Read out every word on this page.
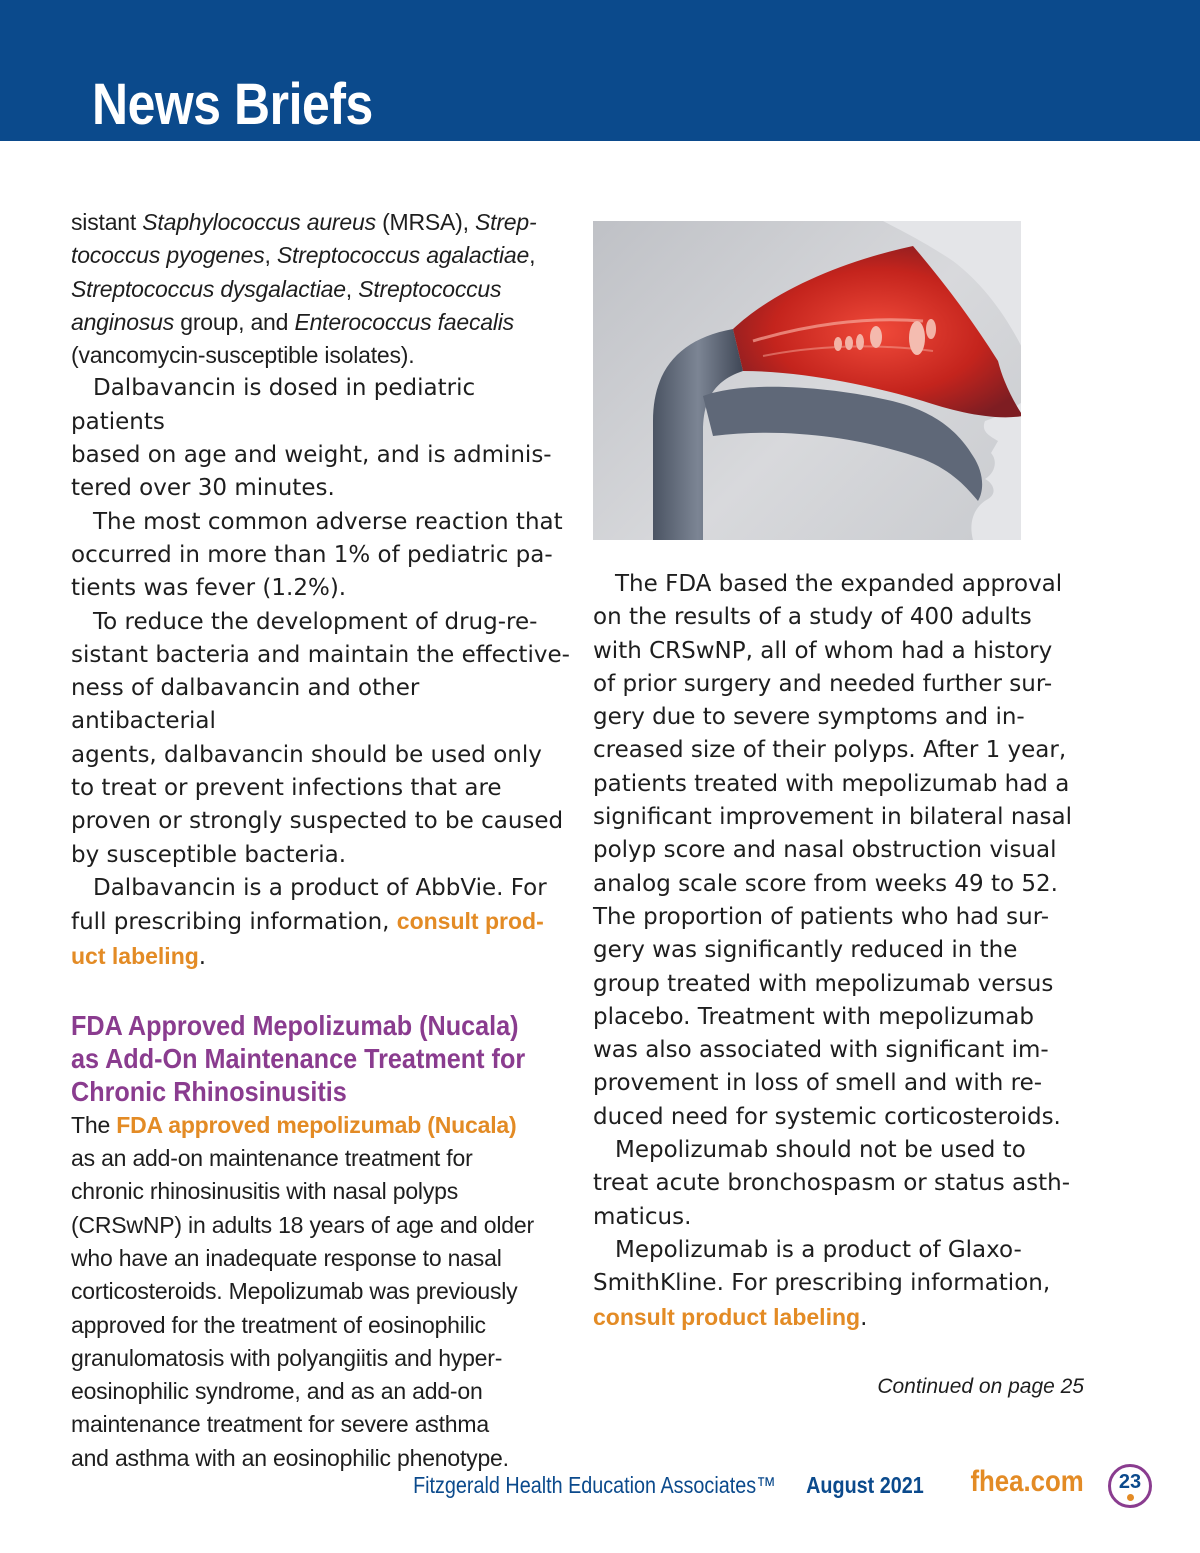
News Briefs

sistant Staphylococcus aureus (MRSA), Strep-
tococcus pyogenes, Streptococcus agalactiae,
Streptococcus dysgalactiae, Streptococcus
anginosus group, and Enterococcus faecalis
(vancomycin-susceptible isolates).

Dalbavancin is dosed in pediatric patients
based on age and weight, and is adminis-
tered over 30 minutes.

The most common adverse reaction that
occurred in more than 1% of pediatric pa-
tients was fever (1.2%).

To reduce the development of drug-re-
sistant bacteria and maintain the effective-
ness of dalbavancin and other antibacterial
agents, dalbavancin should be used only
to treat or prevent infections that are
proven or strongly suspected to be caused
by susceptible bacteria.

Dalbavancin is a product of AbbVie. For
full prescribing information, consult prod-
uct labeling.

FDA Approved Mepolizumab (Nucala)
as Add-On Maintenance Treatment for
Chronic Rhinosinusitis

The FDA approved mepolizumab (Nucala)
as an add-on maintenance treatment for
chronic rhinosinusitis with nasal polyps
(CRSwNP) in adults 18 years of age and older
who have an inadequate response to nasal
corticosteroids. Mepolizumab was previously
approved for the treatment of eosinophilic
granulomatosis with polyangiitis and hyper-
eosinophilic syndrome, and as an add-on
maintenance treatment for severe asthma
and asthma with an eosinophilic phenotype.

The FDA based the expanded approval
on the results of a study of 400 adults
with CRSwNP, all of whom had a history
of prior surgery and needed further sur-
gery due to severe symptoms and in-
creased size of their polyps. After 1 year,
patients treated with mepolizumab had a
significant improvement in bilateral nasal
polyp score and nasal obstruction visual
analog scale score from weeks 49 to 52.
The proportion of patients who had sur-
gery was significantly reduced in the
group treated with mepolizumab versus
placebo. Treatment with mepolizumab
was also associated with significant im-
provement in loss of smell and with re-
duced need for systemic corticosteroids.

Mepolizumab should not be used to
treat acute bronchospasm or status asth-
maticus.

Mepolizumab is a product of Glaxo-
SmithKline. For prescribing information,
consult product labeling.

Continued on page 25
Fitzgerald Health Education Associates™ August 2021 fhea.com	23
